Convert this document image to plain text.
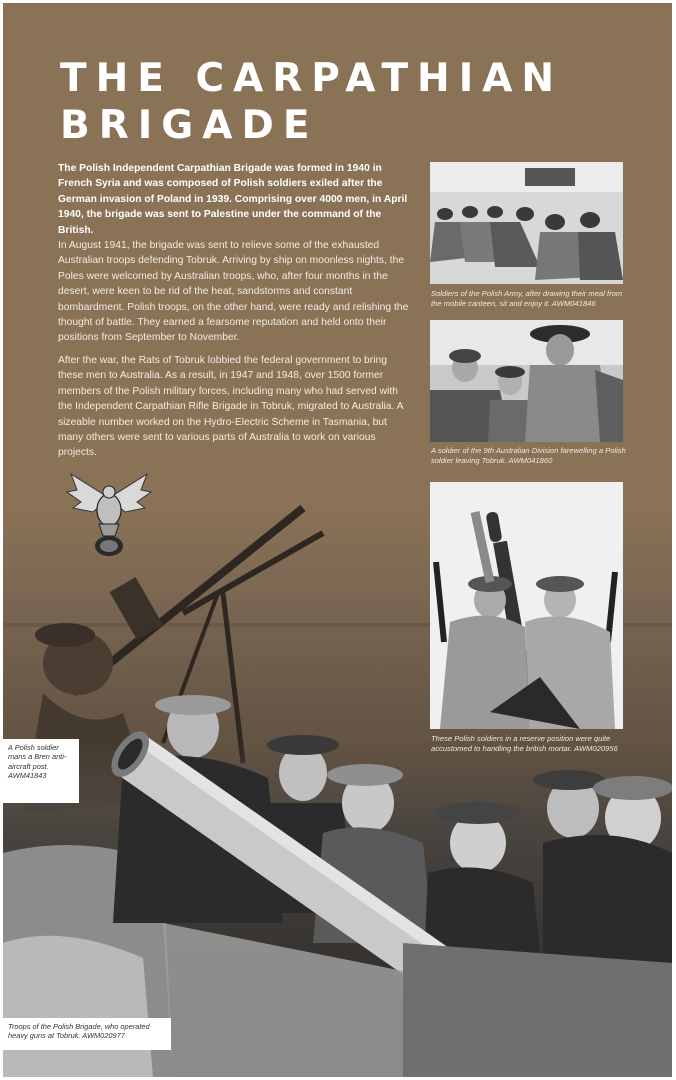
THE CARPATHIAN
BRIGADE

The Polish Independent Carpathian Brigade was formed in 1940 in French Syria and was composed of Polish soldiers exiled after the German invasion of Poland in 1939. Comprising over 4000 men, in April 1940, the brigade was sent to Palestine under the command of the British.

In August 1941, the brigade was sent to relieve some of the exhausted Australian troops defending Tobruk. Arriving by ship on moonless nights, the Poles were welcomed by Australian troops, who, after four months in the desert, were keen to be rid of the heat, sandstorms and constant bombardment. Polish troops, on the other hand, were ready and relishing the thought of battle. They earned a fearsome reputation and held onto their positions from September to November.

After the war, the Rats of Tobruk lobbied the federal government to bring these men to Australia. As a result, in 1947 and 1948, over 1500 former members of the Polish military forces, including many who had served with the Independent Carpathian Rifle Brigade in Tobruk, migrated to Australia. A sizeable number worked on the Hydro-Electric Scheme in Tasmania, but many others were sent to various parts of Australia to work on various projects.

Soldiers of the Polish Army, after drawing their meal from the mobile canteen, sit and enjoy it. AWM041846

A soldier of the 9th Australian Division farewelling a Polish soldier leaving Tobruk. AWM041860

These Polish soldiers in a reserve position were quite accustomed to handling the british mortar. AWM020956

A Polish soldier mans a Bren anti-aircraft post. AWM41843
Troops of the Polish Brigade, who operated heavy guns at Tobruk. AWM020977
